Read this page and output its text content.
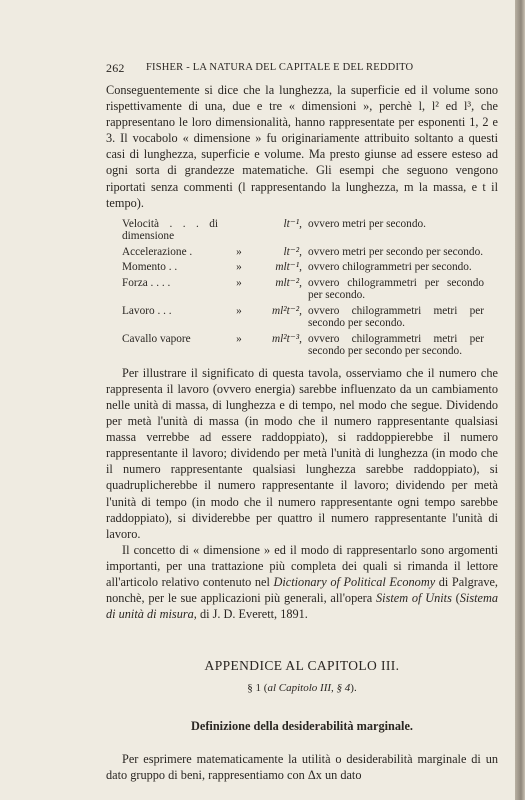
262 FISHER - LA NATURA DEL CAPITALE E DEL REDDITO

Conseguentemente si dice che la lunghezza, la superficie ed il volume sono rispettivamente di una, due e tre « dimensioni », perchè l, l² ed l³, che rappresentano le loro dimensionalità, hanno rappresentate per esponenti 1, 2 e 3. Il vocabolo « dimensione » fu originariamente attribuito soltanto a questi casi di lunghezza, superficie e volume. Ma presto giunse ad essere esteso ad ogni sorta di grandezze matematiche. Gli esempi che seguono vengono riportati senza commenti (l rappresentando la lunghezza, m la massa, e t il tempo).

Velocità . . . di dimensione		lt⁻¹,	ovvero metri per secondo.
Accelerazione .	»	lt⁻²,	ovvero metri per secondo per secondo.
Momento . .	»	mlt⁻¹,	ovvero chilogrammetri per secondo.
Forza . . . .	»	mlt⁻²,	ovvero chilogrammetri per secondo per secondo.
Lavoro . . .	»	ml²t⁻²,	ovvero chilogrammetri metri per secondo per secondo.
Cavallo vapore	»	ml²t⁻³,	ovvero chilogrammetri metri per secondo per secondo per secondo.

Per illustrare il significato di questa tavola, osserviamo che il numero che rappresenta il lavoro (ovvero energia) sarebbe influenzato da un cambiamento nelle unità di massa, di lunghezza e di tempo, nel modo che segue. Dividendo per metà l'unità di massa (in modo che il numero rappresentante qualsiasi massa verrebbe ad essere raddoppiato), si raddoppierebbe il numero rappresentante il lavoro; dividendo per metà l'unità di lunghezza (in modo che il numero rappresentante qualsiasi lunghezza sarebbe raddoppiato), si quadruplicherebbe il numero rappresentante il lavoro; dividendo per metà l'unità di tempo (in modo che il numero rappresentante ogni tempo sarebbe raddoppiato), si dividerebbe per quattro il numero rappresentante l'unità di lavoro.

Il concetto di « dimensione » ed il modo di rappresentarlo sono argomenti importanti, per una trattazione più completa dei quali si rimanda il lettore all'articolo relativo contenuto nel Dictionary of Political Economy di Palgrave, nonchè, per le sue applicazioni più generali, all'opera Sistem of Units (Sistema di unità di misura, di J. D. Everett, 1891.

APPENDICE AL CAPITOLO III.
§ 1 (al Capitolo III, § 4).
Definizione della desiderabilità marginale.

Per esprimere matematicamente la utilità o desiderabilità marginale di un dato gruppo di beni, rappresentiamo con Δx un dato
